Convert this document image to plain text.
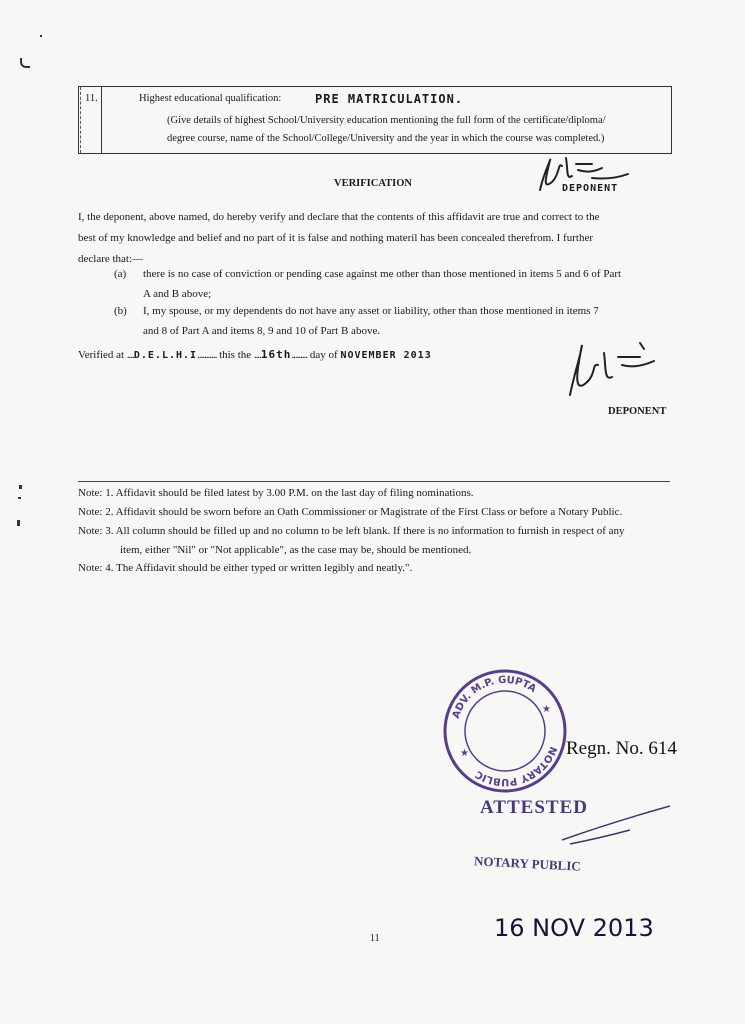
11.	Highest educational qualification:	PRE MATRICULATION.
(Give details of highest School/University education mentioning the full form of the certificate/diploma/
degree course, name of the School/College/University and the year in which the course was completed.)
VERIFICATION	DEPONENT
I, the deponent, above named, do hereby verify and declare that the contents of this affidavit are true and correct to the
best of my knowledge and belief and no part of it is false and nothing materil has been concealed therefrom. I further
declare that:—
(a) there is no case of conviction or pending case against me other than those mentioned in items 5 and 6 of Part
A and B above;
(b) I, my spouse, or my dependents do not have any asset or liability, other than those mentioned in items 7
and 8 of Part A and items 8, 9 and 10 of Part B above.
Verified at ....D.E.L.H.I........... this the ....16th......... day of NOVEMBER 2013
DEPONENT
Note: 1. Affidavit should be filed latest by 3.00 P.M. on the last day of filing nominations.
Note: 2. Affidavit should be sworn before an Oath Commissioner or Magistrate of the First Class or before a Notary Public.
Note: 3. All column should be filled up and no column to be left blank. If there is no information to furnish in respect of any
item, either "Nil" or "Not applicable", as the case may be, should be mentioned.
Note: 4. The Affidavit should be either typed or written legibly and neatly.".
ADV. M.P. GUPTA
NOTARY PUBLIC
★
★	Regn. No. 614
ATTESTED
NOTARY PUBLIC
16 NOV 2013
11
